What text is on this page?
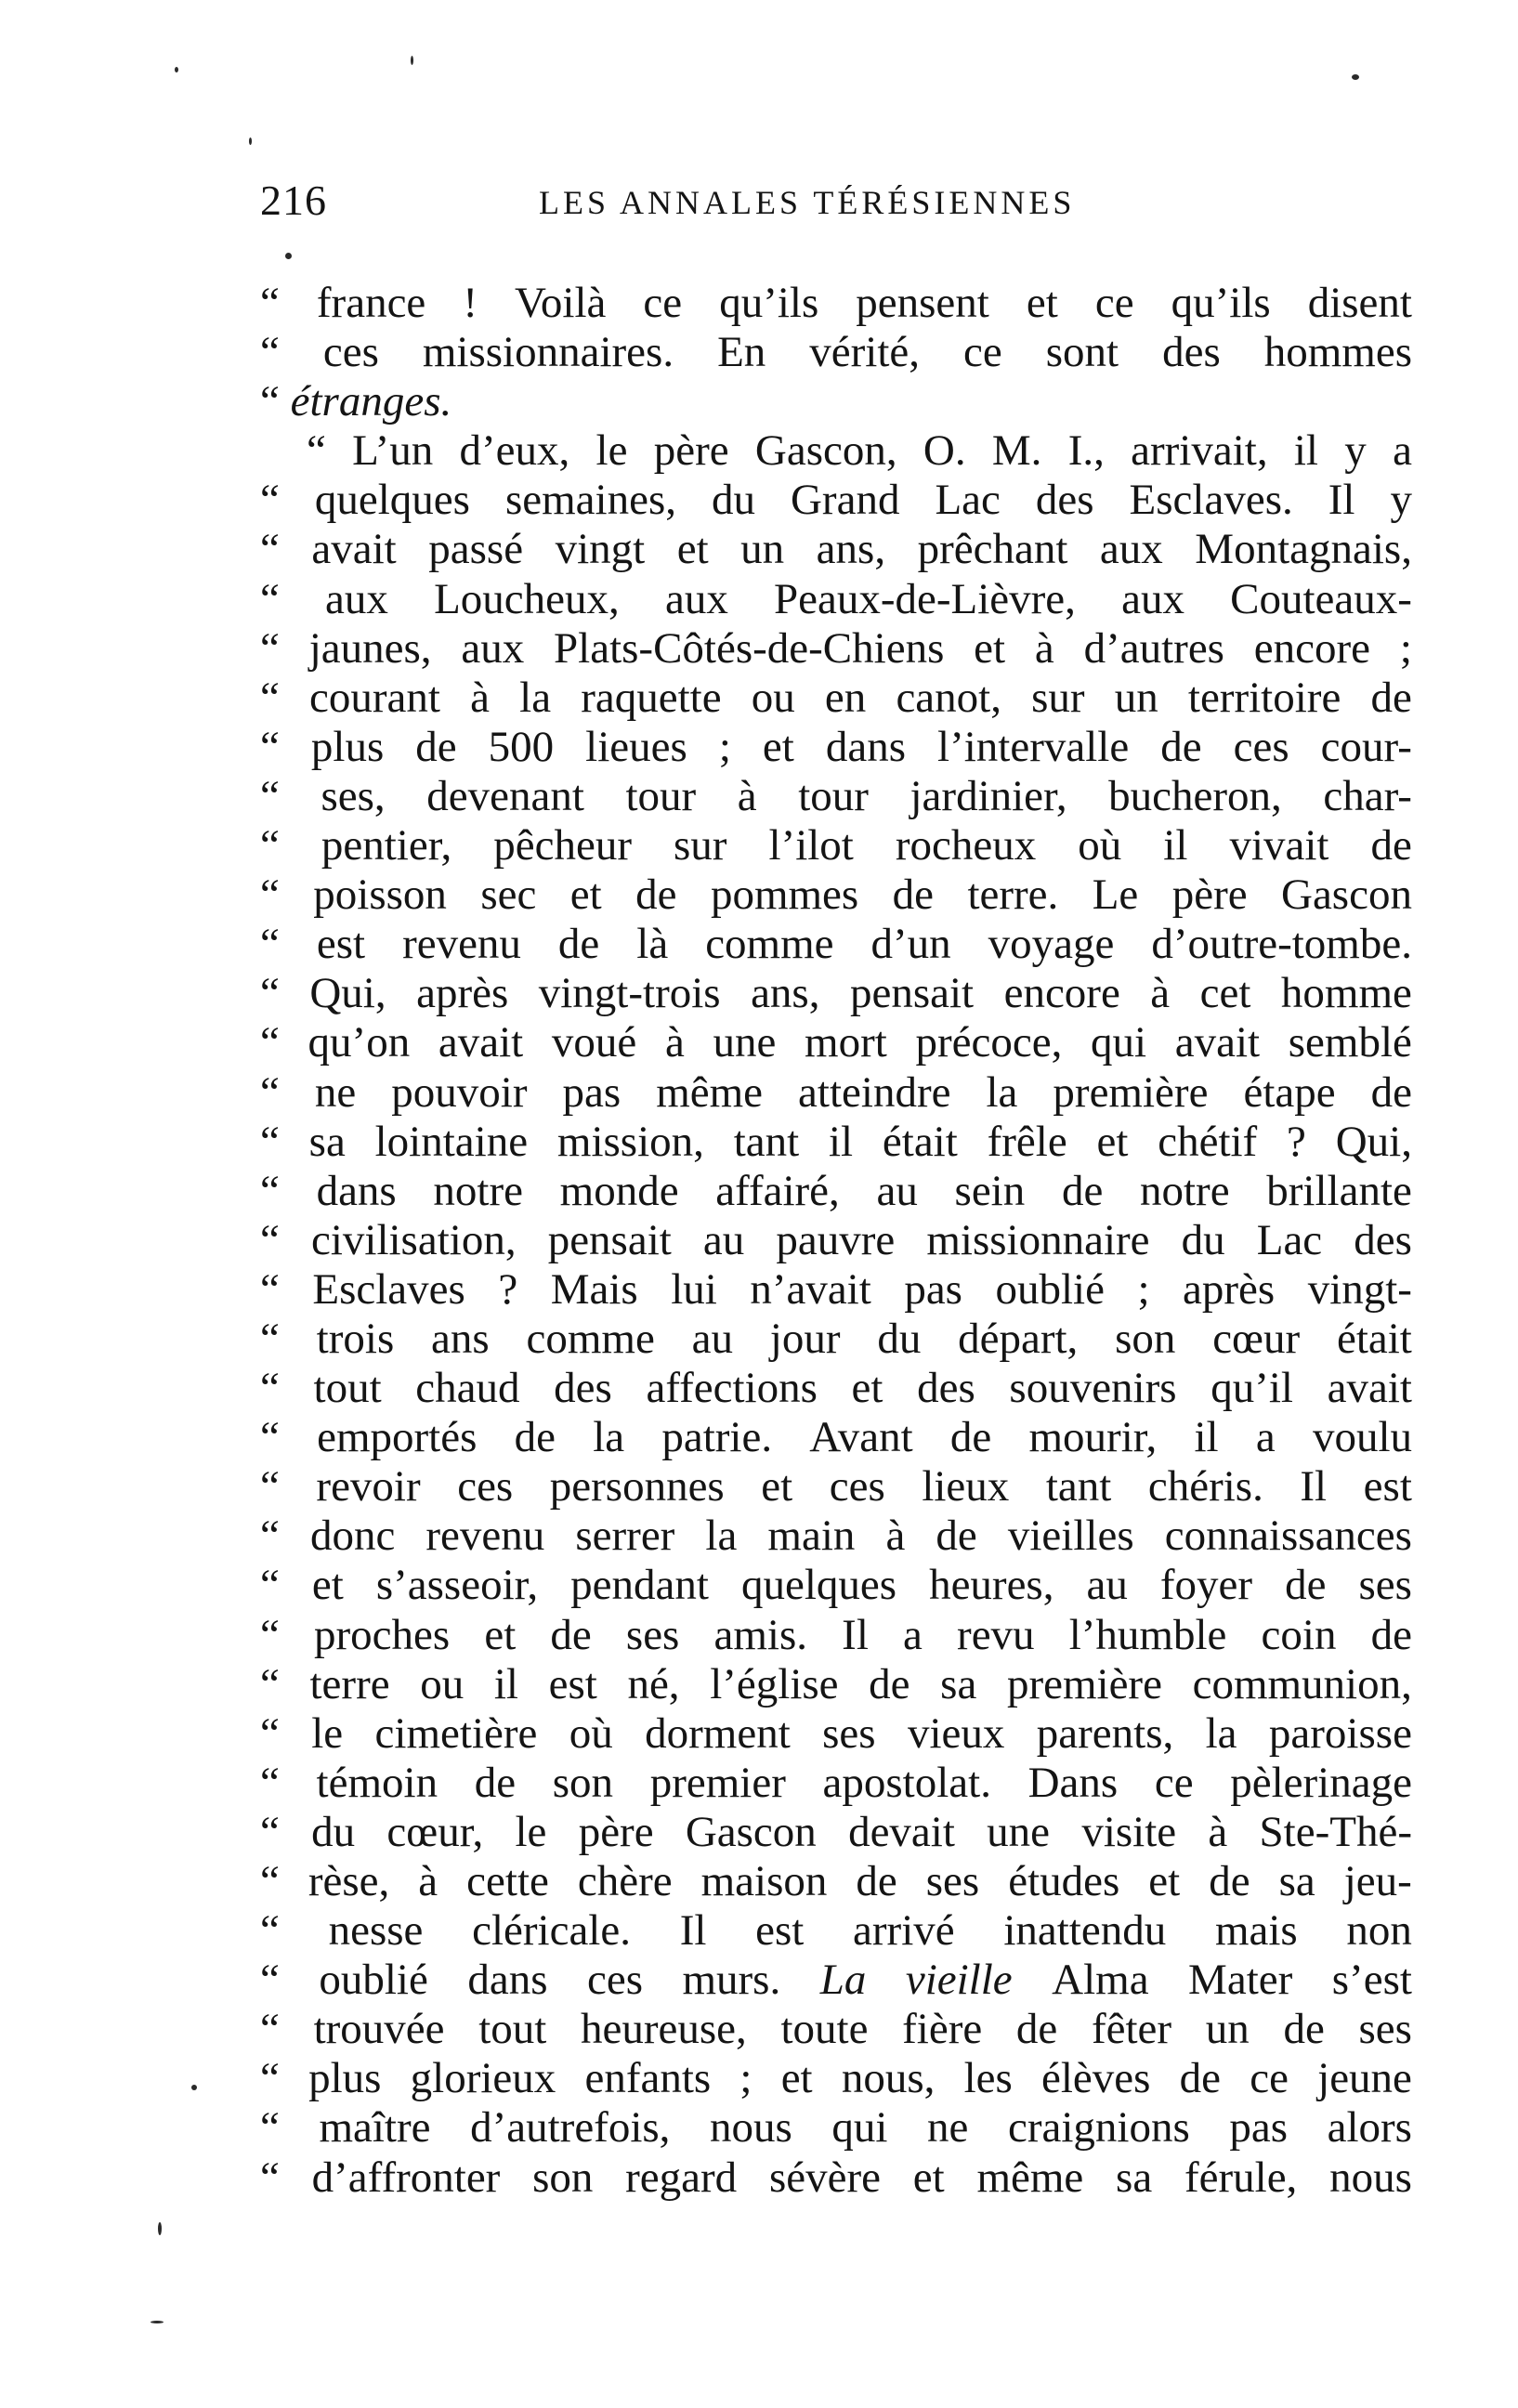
216	LES ANNALES TÉRÉSIENNES
“ france ! Voilà ce qu’ils pensent et ce qu’ils disent
“ ces missionnaires. En vérité, ce sont des hommes
“
étranges.
“ L’un d’eux, le père Gascon, O. M. I., arrivait, il y a
“ quelques semaines, du Grand Lac des Esclaves. Il y
“ avait passé vingt et un ans, prêchant aux Montagnais,
“ aux Loucheux, aux Peaux-de-Lièvre, aux Couteaux-
“ jaunes, aux Plats-Côtés-de-Chiens et à d’autres encore ;
“ courant à la raquette ou en canot, sur un territoire de
“ plus de 500 lieues ; et dans l’intervalle de ces cour-
“ ses, devenant tour à tour jardinier, bucheron, char-
“ pentier, pêcheur sur l’ilot rocheux où il vivait de
“ poisson sec et de pommes de terre. Le père Gascon
“ est revenu de là comme d’un voyage d’outre-tombe.
“ Qui, après vingt-trois ans, pensait encore à cet homme
“ qu’on avait voué à une mort précoce, qui avait semblé
“ ne pouvoir pas même atteindre la première étape de
“ sa lointaine mission, tant il était frêle et chétif ? Qui,
“ dans notre monde affairé, au sein de notre brillante
“ civilisation, pensait au pauvre missionnaire du Lac des
“ Esclaves ? Mais lui n’avait pas oublié ; après vingt-
“ trois ans comme au jour du départ, son cœur était
“ tout chaud des affections et des souvenirs qu’il avait
“ emportés de la patrie. Avant de mourir, il a voulu
“ revoir ces personnes et ces lieux tant chéris. Il est
“ donc revenu serrer la main à de vieilles connaissances
“ et s’asseoir, pendant quelques heures, au foyer de ses
“ proches et de ses amis. Il a revu l’humble coin de
“ terre ou il est né, l’église de sa première communion,
“ le cimetière où dorment ses vieux parents, la paroisse
“ témoin de son premier apostolat. Dans ce pèlerinage
“ du cœur, le père Gascon devait une visite à Ste-Thé-
“ rèse, à cette chère maison de ses études et de sa jeu-
“ nesse cléricale. Il est arrivé inattendu mais non
“ oublié dans ces murs. La vieille Alma Mater s’est
“ trouvée tout heureuse, toute fière de fêter un de ses
“ plus glorieux enfants ; et nous, les élèves de ce jeune
“ maître d’autrefois, nous qui ne craignions pas alors
“ d’affronter son regard sévère et même sa férule, nous
